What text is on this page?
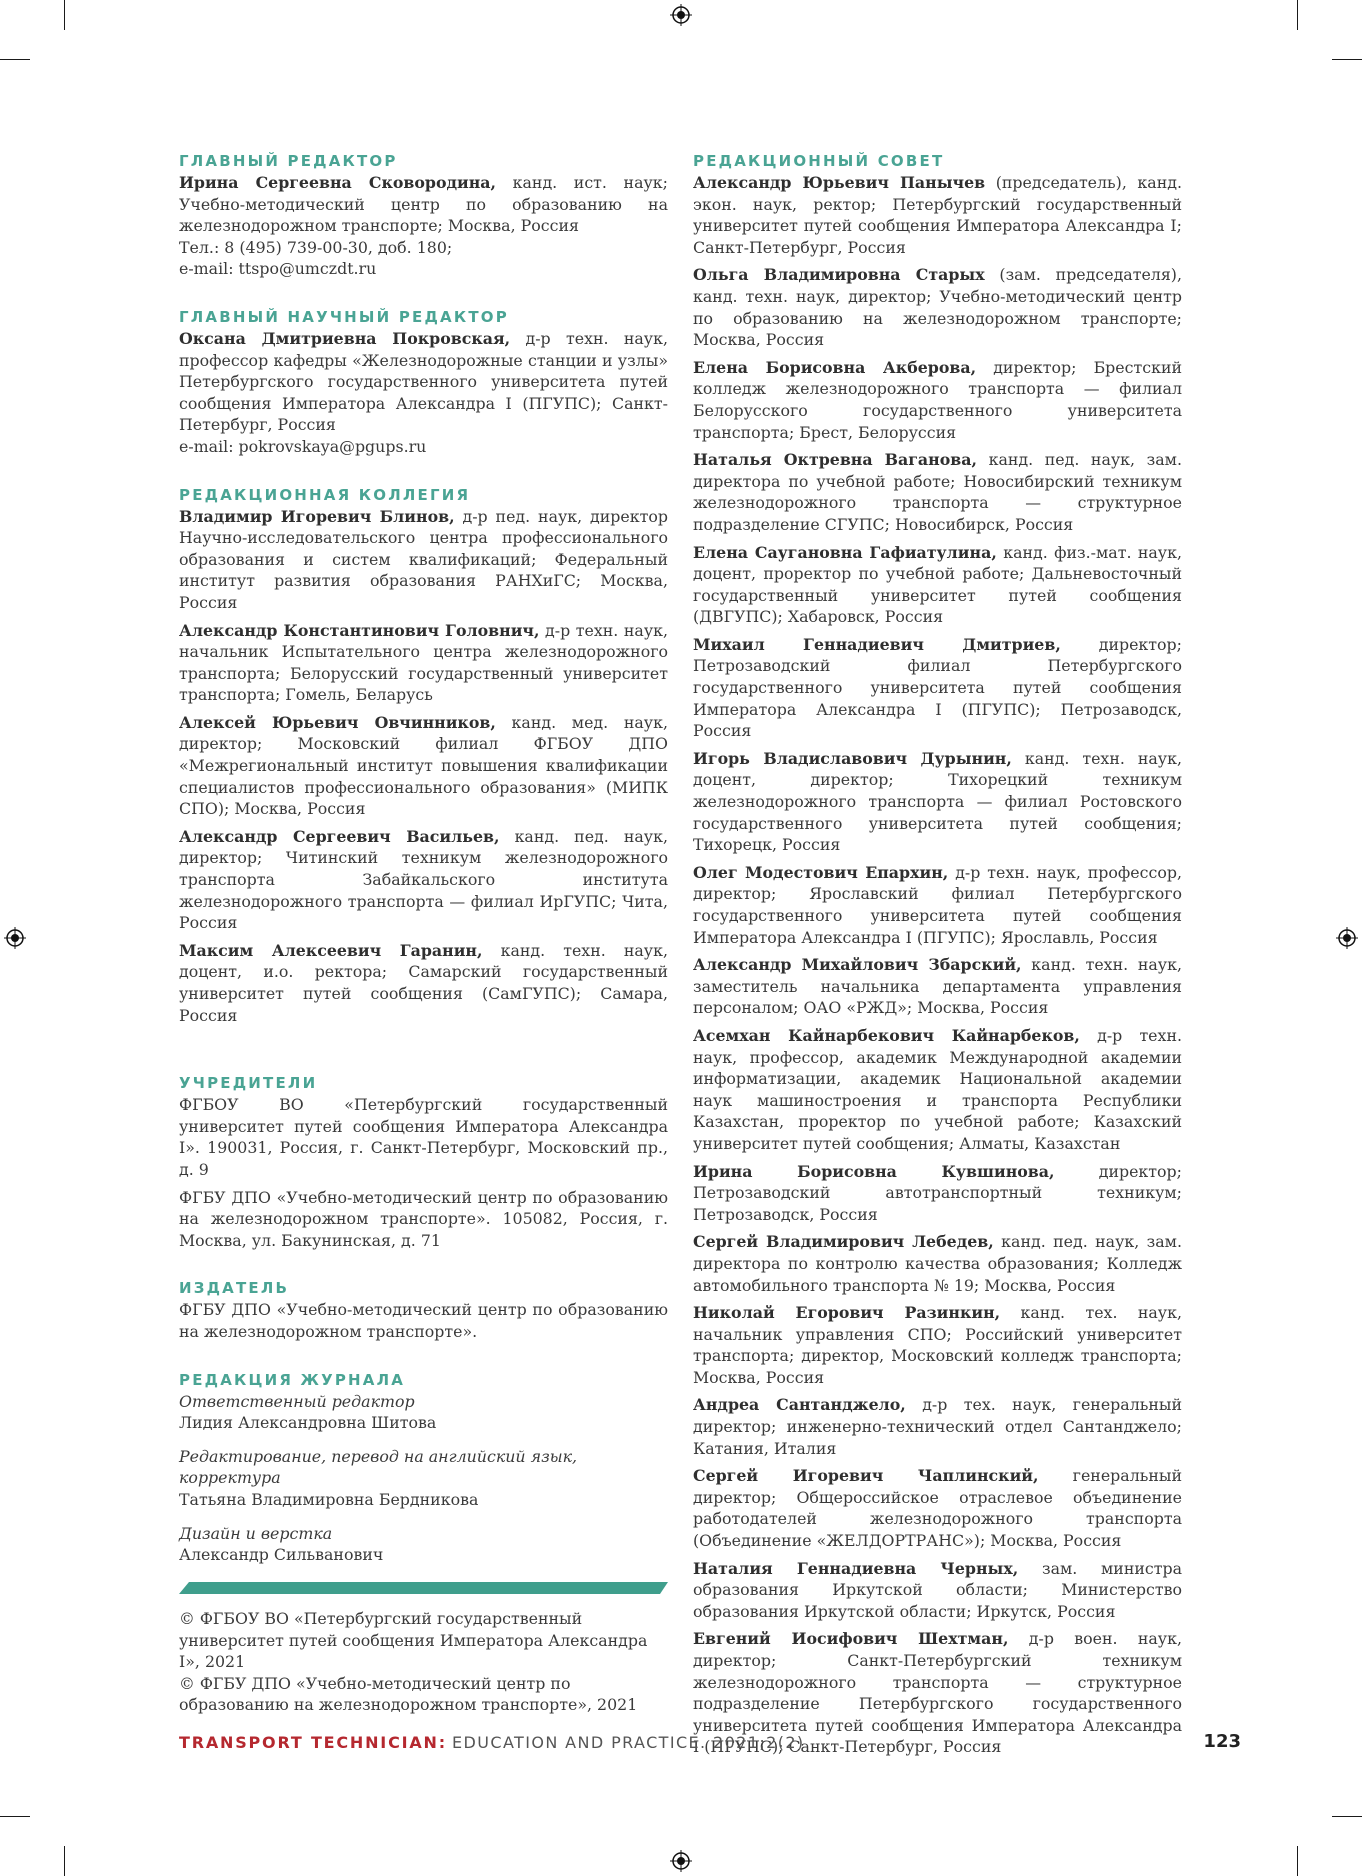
ГЛАВНЫЙ РЕДАКТОР

Ирина Сергеевна Сковородина, канд. ист. наук; Учебно-методический центр по образованию на железнодорожном транспорте; Москва, Россия
Тел.: 8 (495) 739-00-30, доб. 180;
e-mail: ttspo@umczdt.ru

ГЛАВНЫЙ НАУЧНЫЙ РЕДАКТОР

Оксана Дмитриевна Покровская, д-р техн. наук, профессор кафедры «Железнодорожные станции и узлы» Петербургского государственного университета путей сообщения Императора Александра I (ПГУПС); Санкт-Петербург, Россия
e-mail: pokrovskaya@pgups.ru

РЕДАКЦИОННАЯ КОЛЛЕГИЯ

Владимир Игоревич Блинов, д-р пед. наук, директор Научно-исследовательского центра профессионального образования и систем квалификаций; Федеральный институт развития образования РАНХиГС; Москва, Россия

Александр Константинович Головнич, д-р техн. наук, начальник Испытательного центра железнодорожного транспорта; Белорусский государственный университет транспорта; Гомель, Беларусь

Алексей Юрьевич Овчинников, канд. мед. наук, директор; Московский филиал ФГБОУ ДПО «Межрегиональный институт повышения квалификации специалистов профессионального образования» (МИПК СПО); Москва, Россия

Александр Сергеевич Васильев, канд. пед. наук, директор; Читинский техникум железнодорожного транспорта Забайкальского института железнодорожного транспорта — филиал ИрГУПС; Чита, Россия

Максим Алексеевич Гаранин, канд. техн. наук, доцент, и.о. ректора; Самарский государственный университет путей сообщения (СамГУПС); Самара, Россия

УЧРЕДИТЕЛИ

ФГБОУ ВО «Петербургский государственный университет путей сообщения Императора Александра I». 190031, Россия, г. Санкт-Петербург, Московский пр., д. 9

ФГБУ ДПО «Учебно-методический центр по образованию на железнодорожном транспорте». 105082, Россия, г. Москва, ул. Бакунинская, д. 71

ИЗДАТЕЛЬ

ФГБУ ДПО «Учебно-методический центр по образованию на железнодорожном транспорте».

РЕДАКЦИЯ ЖУРНАЛА

Ответственный редактор
Лидия Александровна Шитова

Редактирование, перевод на английский язык, корректура
Татьяна Владимировна Бердникова

Дизайн и верстка
Александр Сильванович

© ФГБОУ ВО «Петербургский государственный университет путей сообщения Императора Александра I», 2021
© ФГБУ ДПО «Учебно-методический центр по образованию на железнодорожном транспорте», 2021
РЕДАКЦИОННЫЙ СОВЕТ

Александр Юрьевич Панычев (председатель), канд. экон. наук, ректор; Петербургский государственный университет путей сообщения Императора Александра I; Санкт-Петербург, Россия

Ольга Владимировна Старых (зам. председателя), канд. техн. наук, директор; Учебно-методический центр по образованию на железнодорожном транспорте; Москва, Россия

Елена Борисовна Акберова, директор; Брестский колледж железнодорожного транспорта — филиал Белорусского государственного университета транспорта; Брест, Белоруссия

Наталья Октревна Ваганова, канд. пед. наук, зам. директора по учебной работе; Новосибирский техникум железнодорожного транспорта — структурное подразделение СГУПС; Новосибирск, Россия

Елена Саугановна Гафиатулина, канд. физ.-мат. наук, доцент, проректор по учебной работе; Дальневосточный государственный университет путей сообщения (ДВГУПС); Хабаровск, Россия

Михаил Геннадиевич Дмитриев, директор; Петрозаводский филиал Петербургского государственного университета путей сообщения Императора Александра I (ПГУПС); Петрозаводск, Россия

Игорь Владиславович Дурынин, канд. техн. наук, доцент, директор; Тихорецкий техникум железнодорожного транспорта — филиал Ростовского государственного университета путей сообщения; Тихорецк, Россия

Олег Модестович Епархин, д-р техн. наук, профессор, директор; Ярославский филиал Петербургского государственного университета путей сообщения Императора Александра I (ПГУПС); Ярославль, Россия

Александр Михайлович Збарский, канд. техн. наук, заместитель начальника департамента управления персоналом; ОАО «РЖД»; Москва, Россия

Асемхан Кайнарбекович Кайнарбеков, д-р техн. наук, профессор, академик Международной академии информатизации, академик Национальной академии наук машиностроения и транспорта Республики Казахстан, проректор по учебной работе; Казахский университет путей сообщения; Алматы, Казахстан

Ирина Борисовна Кувшинова,	директор; Петрозаводский автотранспортный техникум; Петрозаводск, Россия

Сергей Владимирович Лебедев, канд. пед. наук, зам. директора по контролю качества образования; Колледж автомобильного транспорта № 19; Москва, Россия

Николай Егорович Разинкин, канд. тех. наук, начальник управления СПО; Российский университет транспорта; директор, Московский колледж транспорта; Москва, Россия

Андреа Сантанджело, д-р тех. наук, генеральный директор; инженерно-технический отдел Сантанджело; Катания, Италия

Сергей Игоревич Чаплинский, генеральный директор; Общероссийское отраслевое объединение работодателей железнодорожного транспорта (Объединение «ЖЕЛДОРТРАНС»); Москва, Россия

Наталия Геннадиевна Черных, зам. министра образования Иркутской области; Министерство образования Иркутской области; Иркутск, Россия

Евгений Иосифович Шехтман, д-р воен. наук, директор; Санкт-Петербургский техникум железнодорожного транспорта — структурное подразделение Петербургского государственного университета путей сообщения Императора Александра I (ПГУПС); Санкт-Петербург, Россия

TRANSPORT TECHNICIAN: EDUCATION AND PRACTICE. 2021;2(2)	123
